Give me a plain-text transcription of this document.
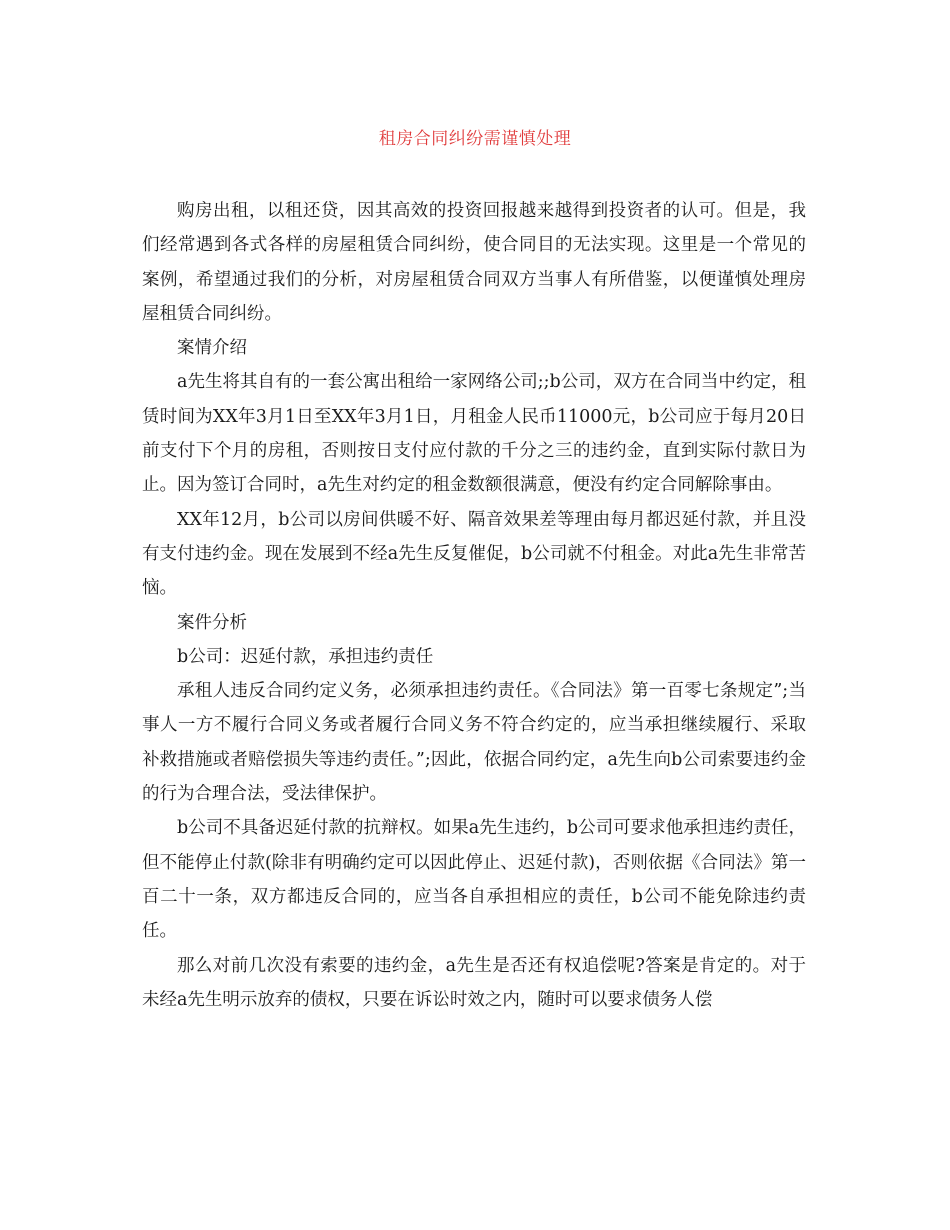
租房合同纠纷需谨慎处理

购房出租，以租还贷，因其高效的投资回报越来越得到投资者的认可。但是，我们经常遇到各式各样的房屋租赁合同纠纷，使合同目的无法实现。这里是一个常见的案例，希望通过我们的分析，对房屋租赁合同双方当事人有所借鉴，以便谨慎处理房屋租赁合同纠纷。

案情介绍

a先生将其自有的一套公寓出租给一家网络公司;;b公司，双方在合同当中约定，租赁时间为XX年3月1日至XX年3月1日，月租金人民币11000元，b公司应于每月20日前支付下个月的房租，否则按日支付应付款的千分之三的违约金，直到实际付款日为止。因为签订合同时，a先生对约定的租金数额很满意，便没有约定合同解除事由。

XX年12月，b公司以房间供暖不好、隔音效果差等理由每月都迟延付款，并且没有支付违约金。现在发展到不经a先生反复催促，b公司就不付租金。对此a先生非常苦恼。

案件分析

b公司：迟延付款，承担违约责任

承租人违反合同约定义务，必须承担违约责任。《合同法》第一百零七条规定”;当事人一方不履行合同义务或者履行合同义务不符合约定的，应当承担继续履行、采取补救措施或者赔偿损失等违约责任。”;因此，依据合同约定，a先生向b公司索要违约金的行为合理合法，受法律保护。

b公司不具备迟延付款的抗辩权。如果a先生违约，b公司可要求他承担违约责任，但不能停止付款(除非有明确约定可以因此停止、迟延付款)，否则依据《合同法》第一百二十一条，双方都违反合同的，应当各自承担相应的责任，b公司不能免除违约责任。

那么对前几次没有索要的违约金，a先生是否还有权追偿呢?答案是肯定的。对于未经a先生明示放弃的债权，只要在诉讼时效之内，随时可以要求债务人偿
